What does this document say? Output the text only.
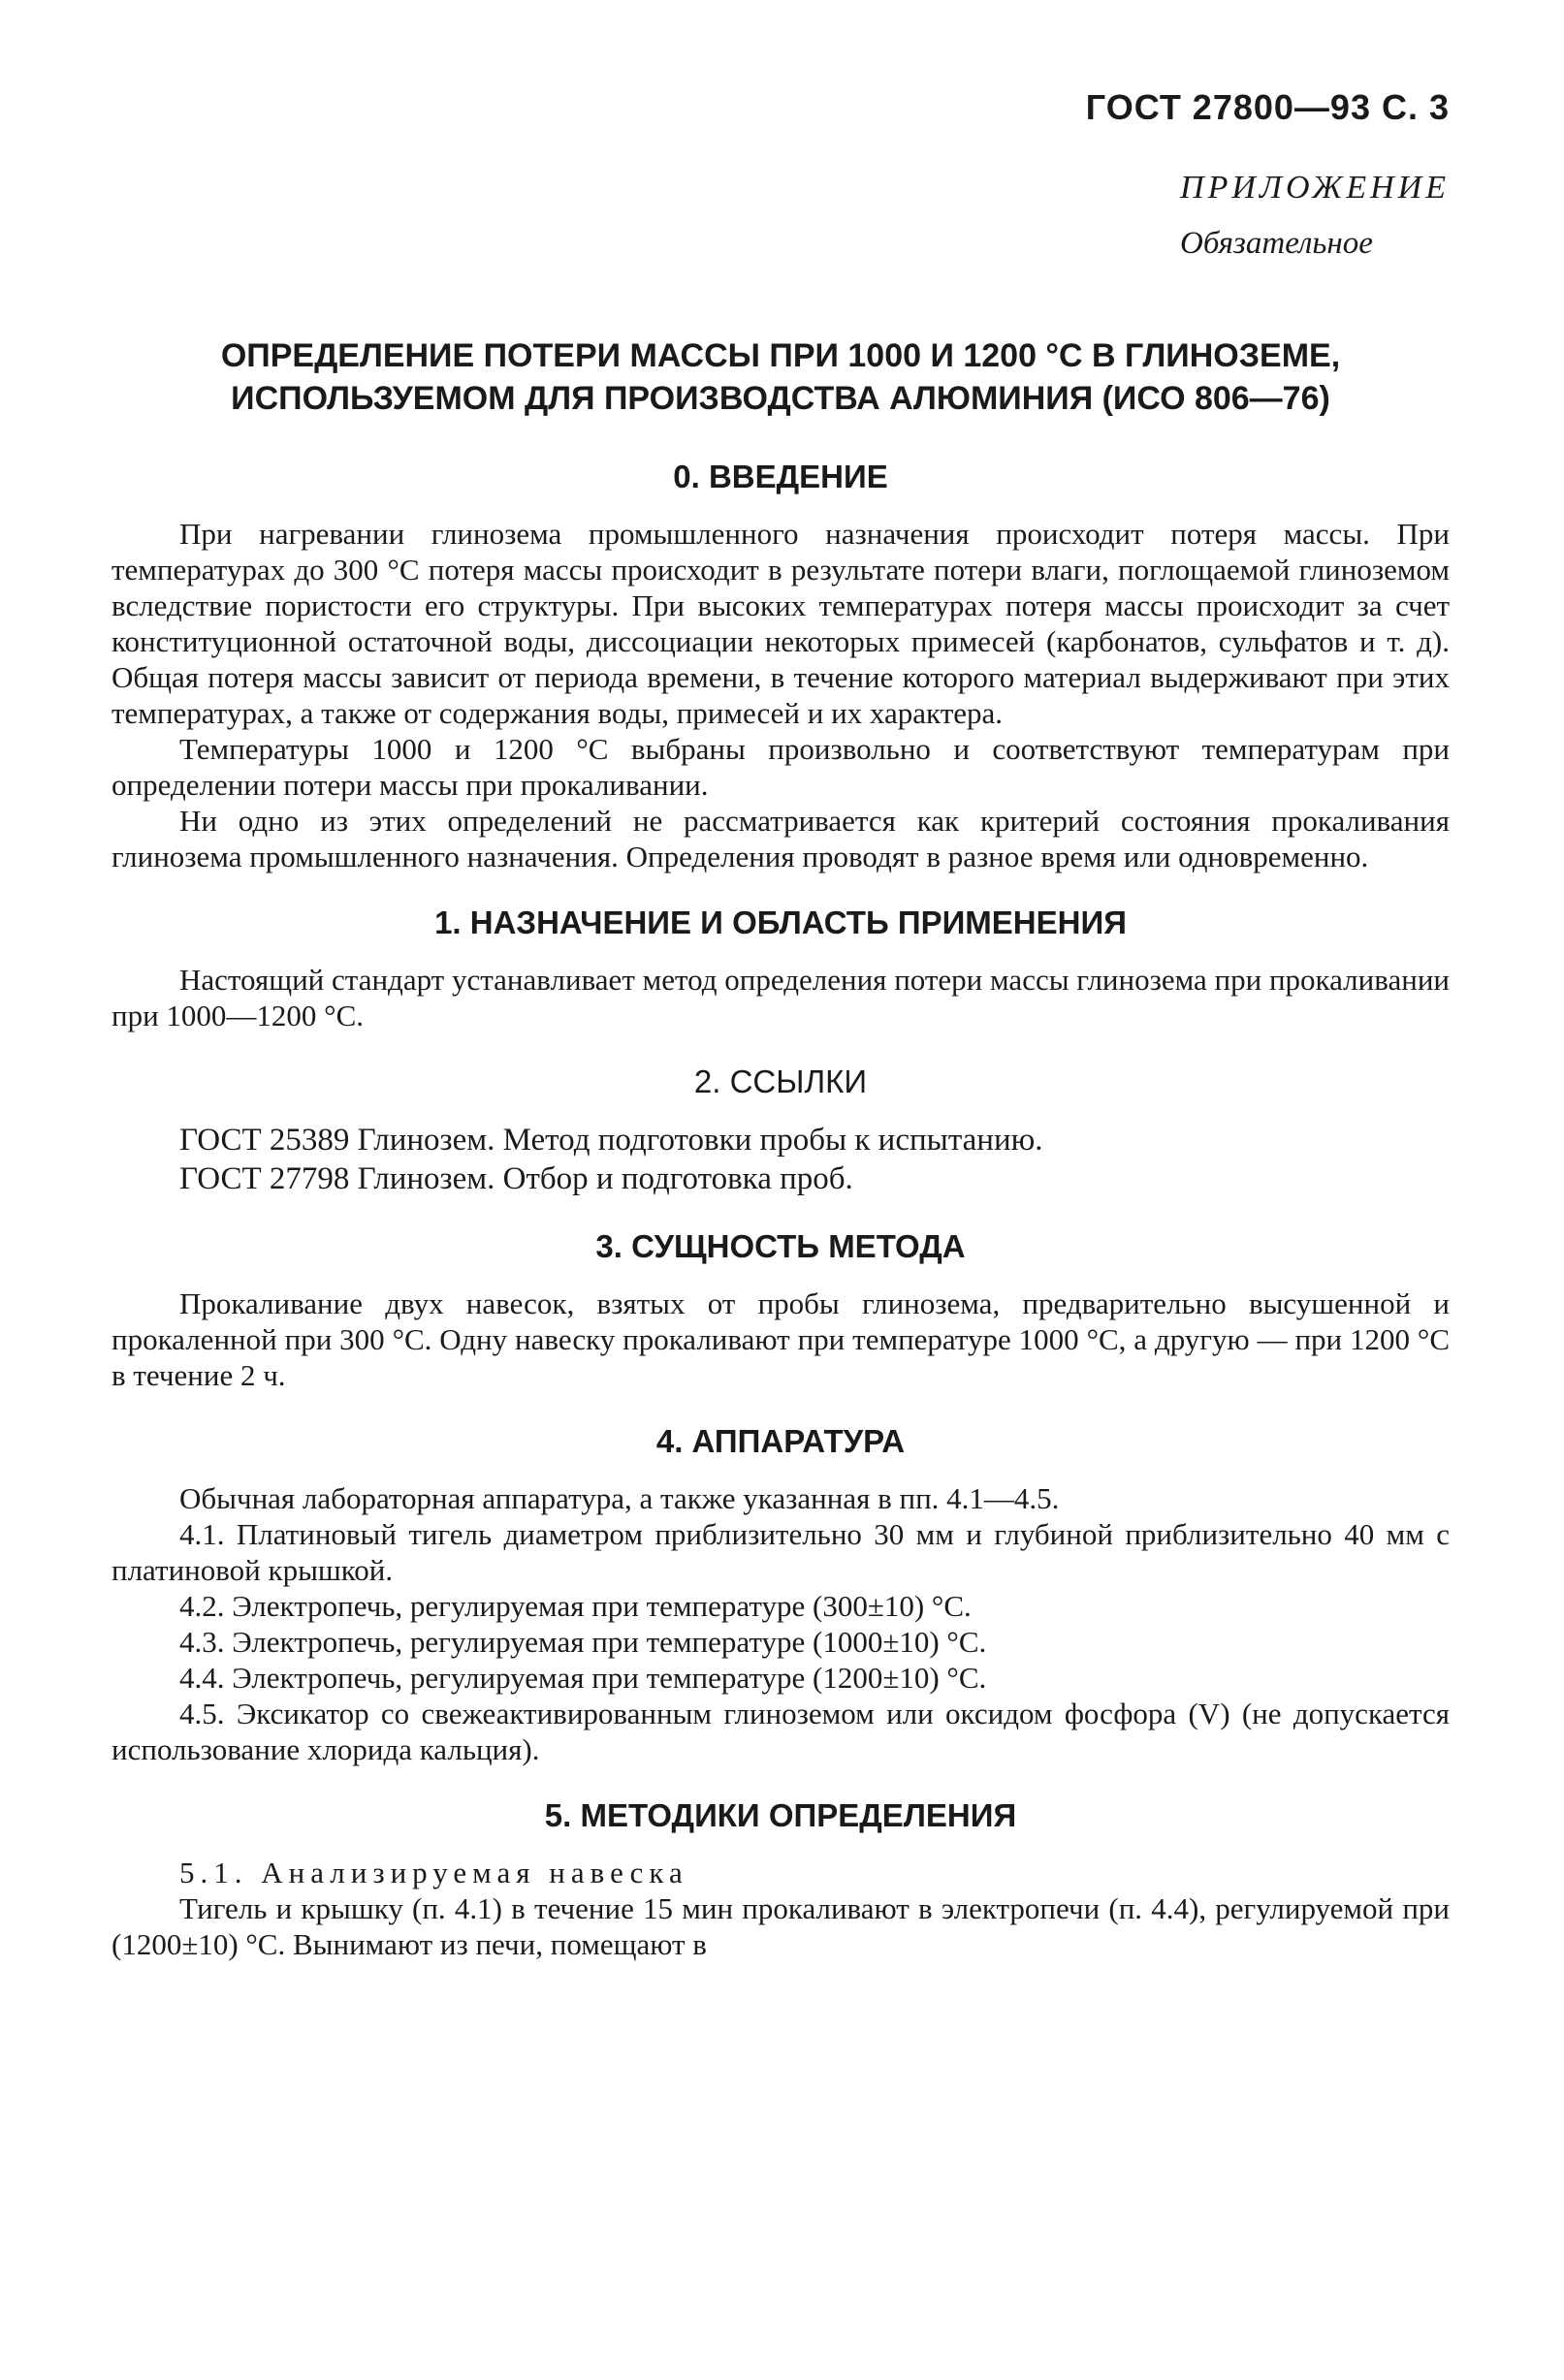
ГОСТ 27800—93 С. 3
ПРИЛОЖЕНИЕ
Обязательное
ОПРЕДЕЛЕНИЕ ПОТЕРИ МАССЫ ПРИ 1000 И 1200 °С В ГЛИНОЗЕМЕ,
ИСПОЛЬЗУЕМОМ ДЛЯ ПРОИЗВОДСТВА АЛЮМИНИЯ (ИСО 806—76)
0. ВВЕДЕНИЕ

При нагревании глинозема промышленного назначения происходит потеря массы. При температурах до 300 °С потеря массы происходит в результате потери влаги, поглощаемой глиноземом вследствие пористости его структуры. При высоких температурах потеря массы происходит за счет конституционной остаточной воды, диссоциации некоторых примесей (карбонатов, сульфатов и т. д). Общая потеря массы зависит от периода времени, в течение которого материал выдерживают при этих температурах, а также от содержания воды, примесей и их характера.

Температуры 1000 и 1200 °С выбраны произвольно и соответствуют температурам при определении потери массы при прокаливании.

Ни одно из этих определений не рассматривается как критерий состояния прокаливания глинозема промышленного назначения. Определения проводят в разное время или одновременно.

1. НАЗНАЧЕНИЕ И ОБЛАСТЬ ПРИМЕНЕНИЯ

Настоящий стандарт устанавливает метод определения потери массы глинозема при прокаливании при 1000—1200 °С.

2. ССЫЛКИ

ГОСТ 25389 Глинозем. Метод подготовки пробы к испытанию.

ГОСТ 27798 Глинозем. Отбор и подготовка проб.

3. СУЩНОСТЬ МЕТОДА

Прокаливание двух навесок, взятых от пробы глинозема, предварительно высушенной и прокаленной при 300 °С. Одну навеску прокаливают при температуре 1000 °С, а другую — при 1200 °С в течение 2 ч.

4. АППАРАТУРА

Обычная лабораторная аппаратура, а также указанная в пп. 4.1—4.5.

4.1. Платиновый тигель диаметром приблизительно 30 мм и глубиной приблизительно 40 мм с платиновой крышкой.

4.2. Электропечь, регулируемая при температуре (300±10) °С.

4.3. Электропечь, регулируемая при температуре (1000±10) °С.

4.4. Электропечь, регулируемая при температуре (1200±10) °С.

4.5. Эксикатор со свежеактивированным глиноземом или оксидом фосфора (V) (не допускается использование хлорида кальция).

5. МЕТОДИКИ ОПРЕДЕЛЕНИЯ

5.1. Анализируемая навеска

Тигель и крышку (п. 4.1) в течение 15 мин прокаливают в электропечи (п. 4.4), регулируемой при (1200±10) °С. Вынимают из печи, помещают в
